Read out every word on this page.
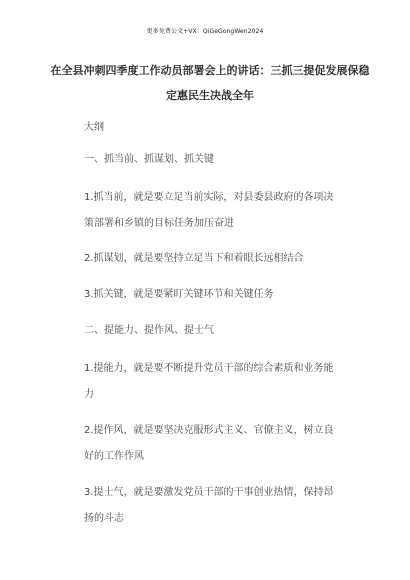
更多免费公文+VX：QiGeGongWen2024
在全县冲刺四季度工作动员部署会上的讲话：三抓三提促发展保稳定惠民生决战全年

大纲

一、抓当前、抓谋划、抓关键

1.抓当前，就是要立足当前实际，对县委县政府的各项决策部署和乡镇的目标任务加压奋进

2.抓谋划，就是要坚持立足当下和着眼长远相结合

3.抓关键，就是要紧盯关键环节和关键任务

二、提能力、提作风、提士气

1.提能力，就是要不断提升党员干部的综合素质和业务能力

2.提作风，就是要坚决克服形式主义、官僚主义，树立良好的工作作风

3.提士气，就是要激发党员干部的干事创业热情，保持昂扬的斗志
